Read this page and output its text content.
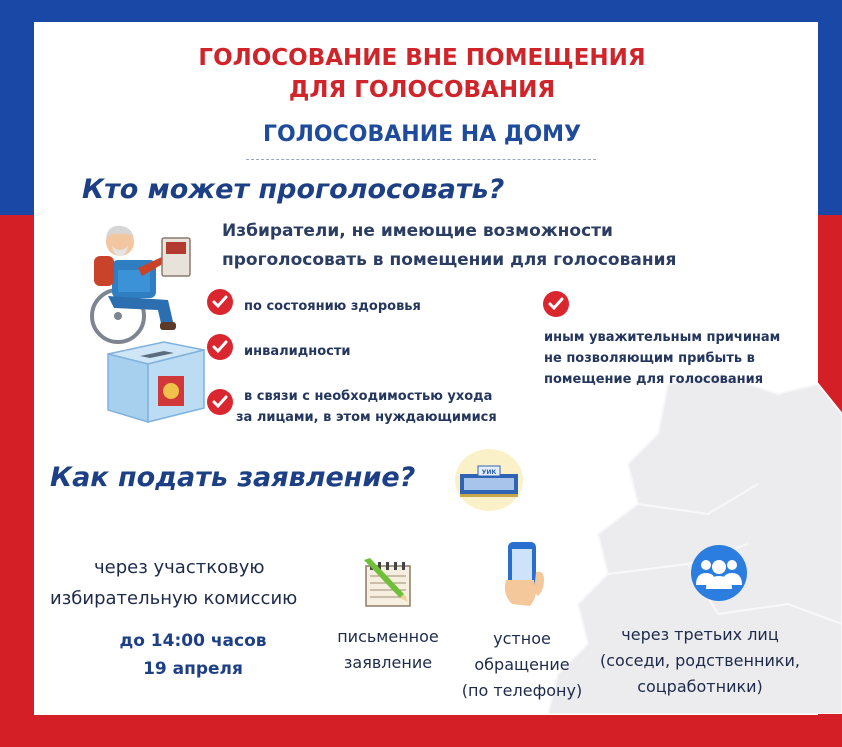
ГОЛОСОВАНИЕ ВНЕ ПОМЕЩЕНИЯ
ДЛЯ ГОЛОСОВАНИЯ
ГОЛОСОВАНИЕ НА ДОМУ
Кто может проголосовать?
Избиратели, не имеющие возможности
проголосовать в помещении для голосования
по состоянию здоровья
инвалидности
в связи с необходимостью ухода
за лицами, в этом нуждающимися
иным уважительным причинам
не позволяющим прибыть в
помещение для голосования
Как подать заявление?	УИК
через участковую
избирательную комиссию
до 14:00 часов
19 апреля
письменное
заявление
устное
обращение
(по телефону)
через третьих лиц
(соседи, родственники,
соцработники)
